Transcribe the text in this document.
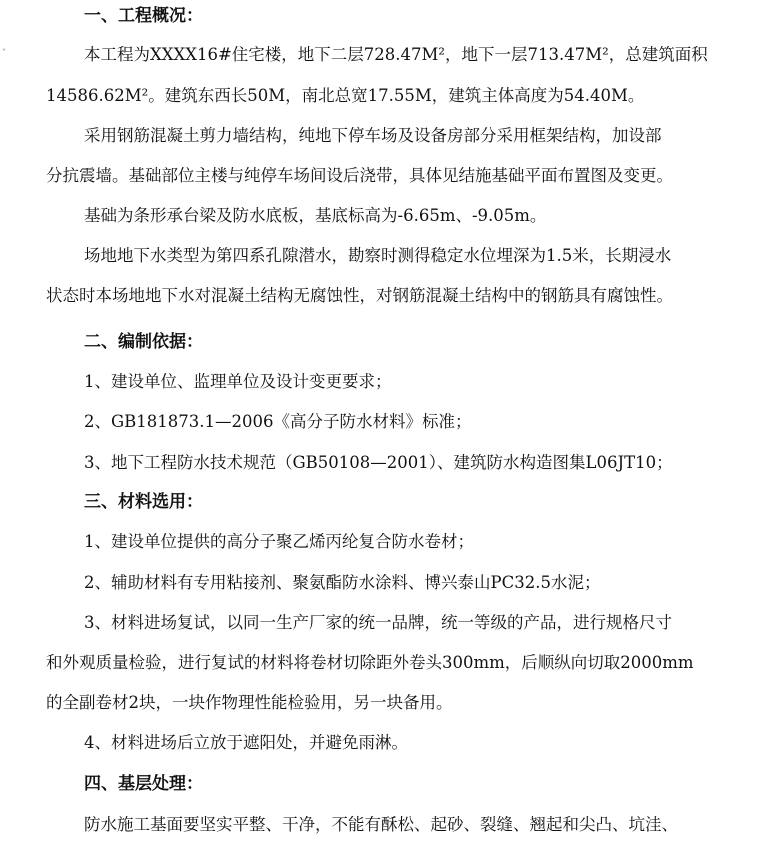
˅
一、工程概况：
本工程为XXXX16#住宅楼，地下二层728.47M²，地下一层713.47M²，总建筑面积
14586.62M²。建筑东西长50M，南北总宽17.55M，建筑主体高度为54.40M。
采用钢筋混凝土剪力墙结构，纯地下停车场及设备房部分采用框架结构，加设部
分抗震墙。基础部位主楼与纯停车场间设后浇带，具体见结施基础平面布置图及变更。
基础为条形承台梁及防水底板，基底标高为-6.65m、-9.05m。
场地地下水类型为第四系孔隙潜水，勘察时测得稳定水位埋深为1.5米，长期浸水
状态时本场地地下水对混凝土结构无腐蚀性，对钢筋混凝土结构中的钢筋具有腐蚀性。
二、编制依据：
1、建设单位、监理单位及设计变更要求；
2、GB181873.1—2006《高分子防水材料》标准；
3、地下工程防水技术规范（GB50108—2001）、建筑防水构造图集L06JT10；
三、材料选用：
1、建设单位提供的高分子聚乙烯丙纶复合防水卷材；
2、辅助材料有专用粘接剂、聚氨酯防水涂料、博兴泰山PC32.5水泥；
3、材料进场复试，以同一生产厂家的统一品牌，统一等级的产品，进行规格尺寸
和外观质量检验，进行复试的材料将卷材切除距外卷头300mm，后顺纵向切取2000mm
的全副卷材2块，一块作物理性能检验用，另一块备用。
4、材料进场后立放于遮阳处，并避免雨淋。
四、基层处理：
防水施工基面要坚实平整、干净，不能有酥松、起砂、裂缝、翘起和尖凸、坑洼、
